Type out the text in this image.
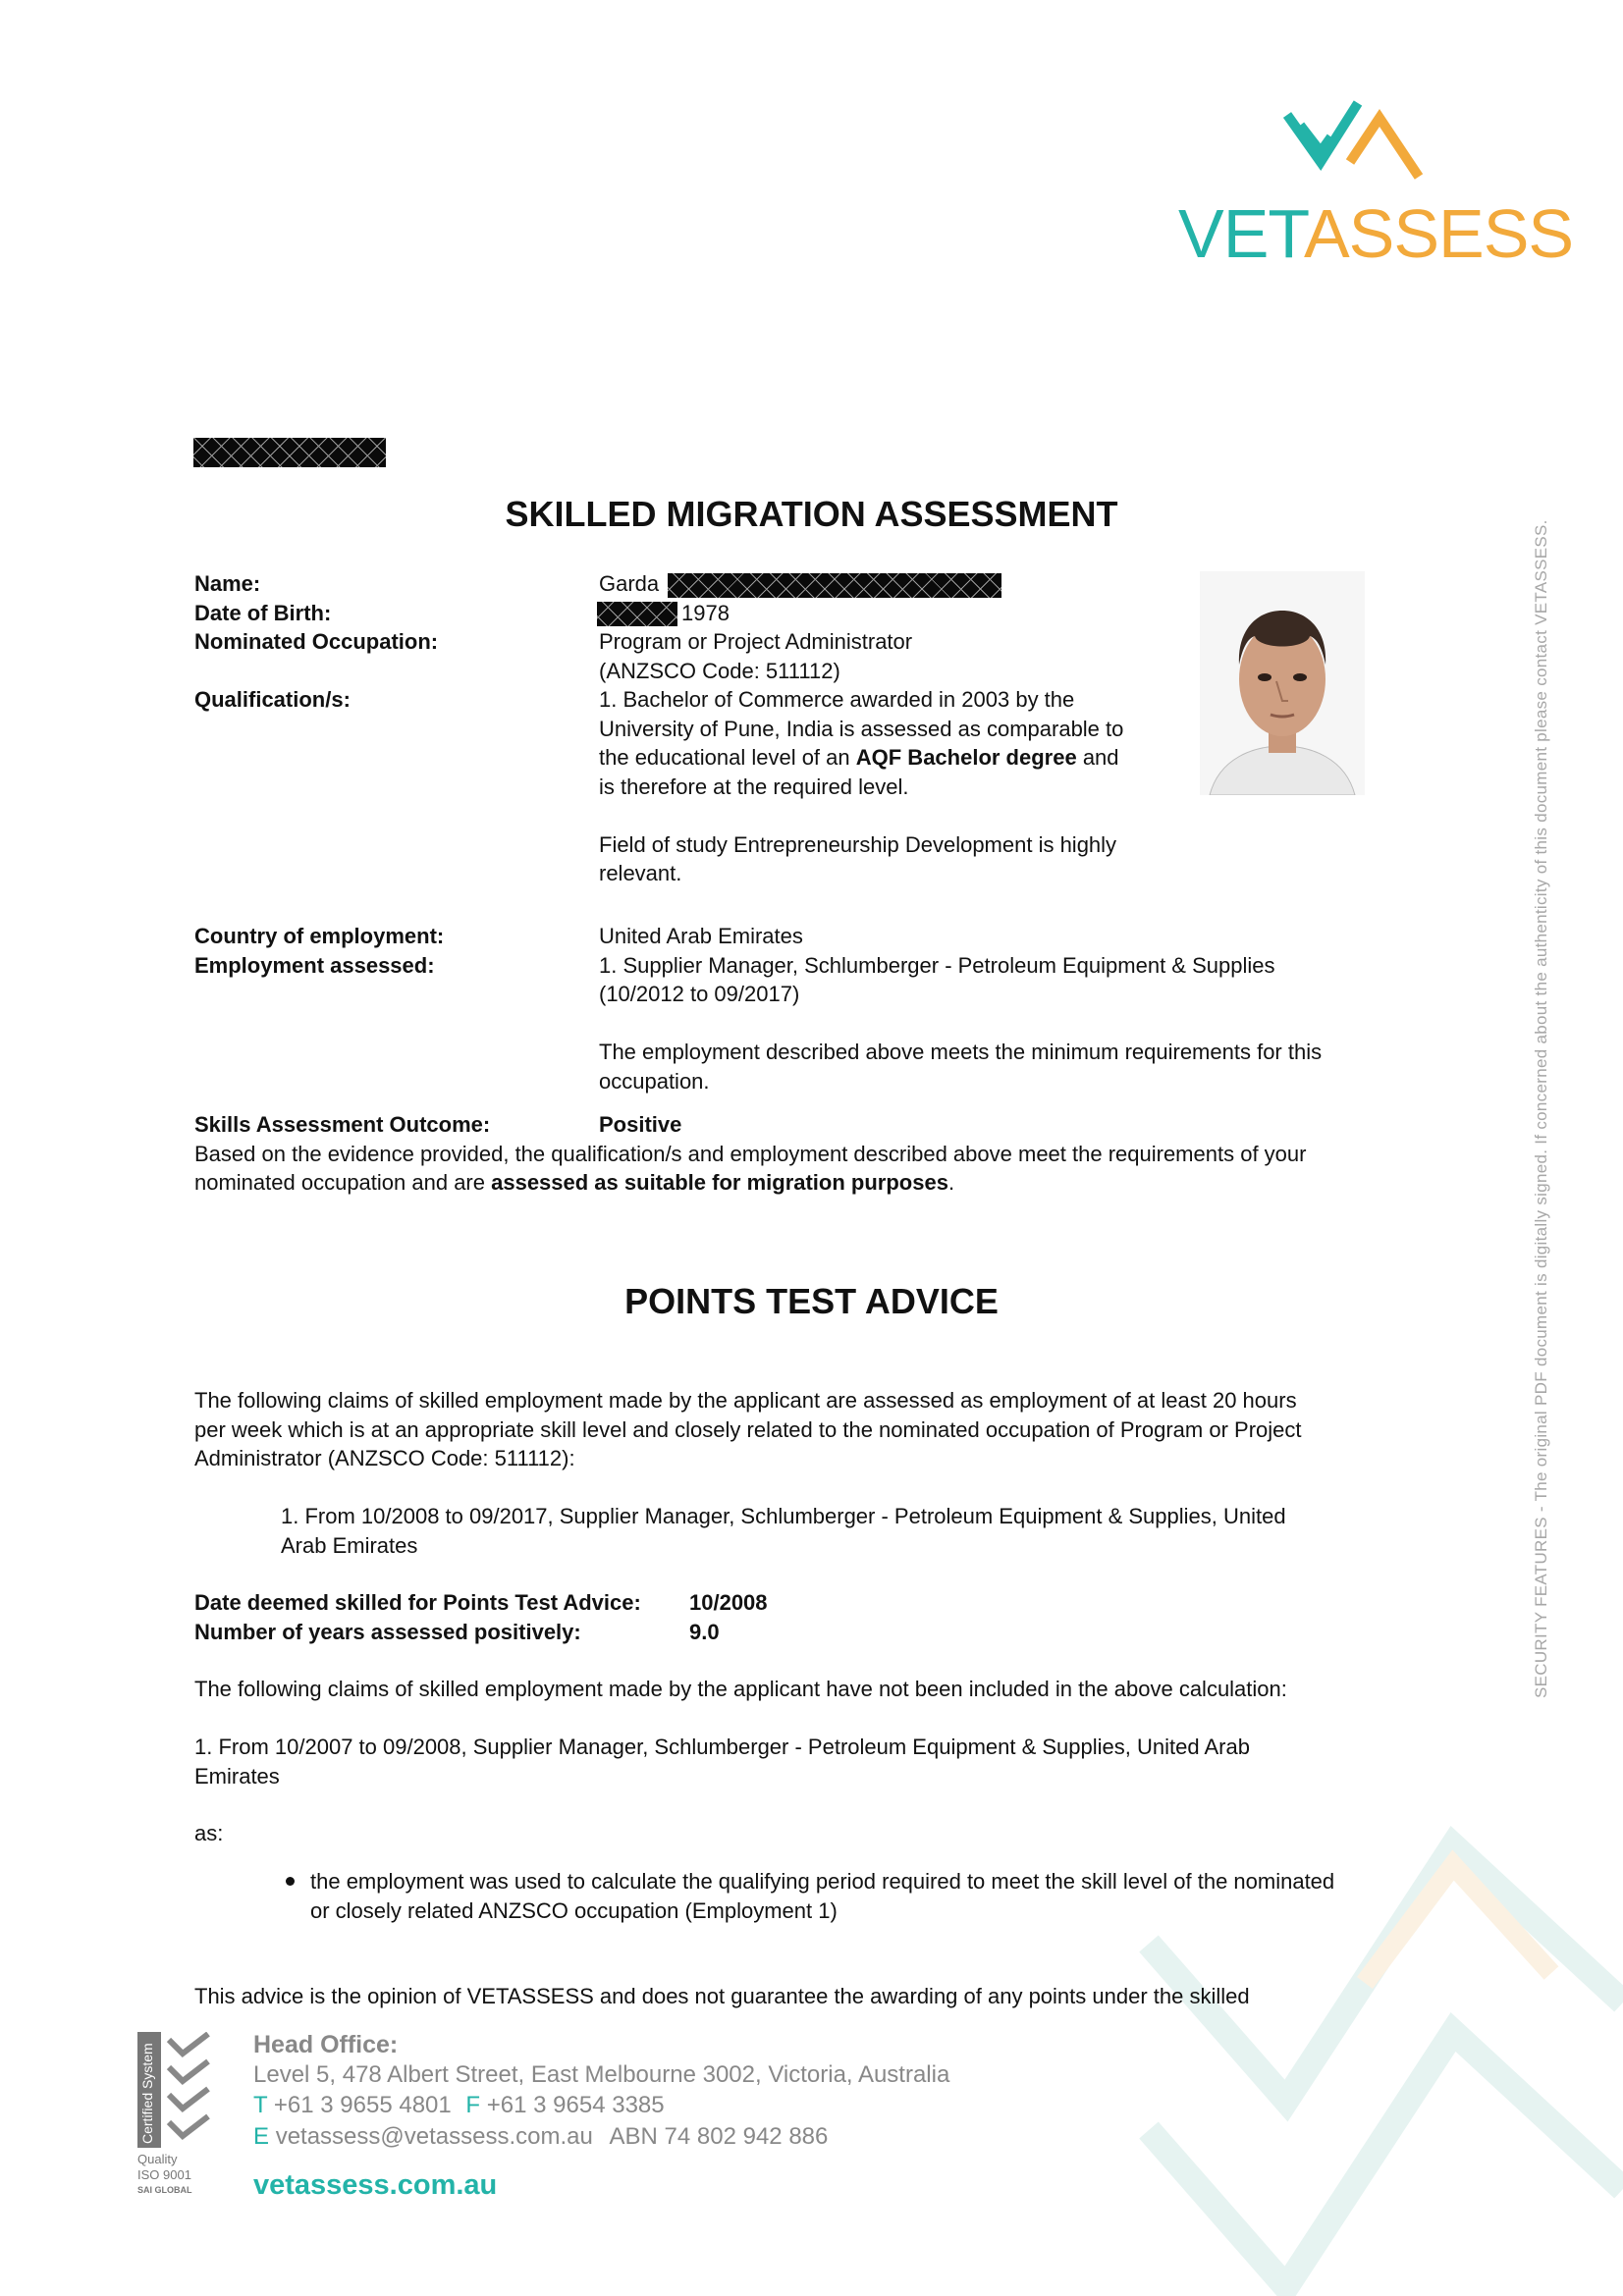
VETASSESS
SECURITY FEATURES - The original PDF document is digitally signed. If concerned about the authenticity of this document please contact VETASSESS.
SKILLED MIGRATION ASSESSMENT
Name:
Date of Birth:
Nominated Occupation:
Qualification/s:
Country of employment:
Employment assessed:
Skills Assessment Outcome:
Garda
1978
Program or Project Administrator
(ANZSCO Code: 511112)
1. Bachelor of Commerce awarded in 2003 by the
University of Pune, India is assessed as comparable to
the educational level of an AQF Bachelor degree and
is therefore at the required level.
Field of study Entrepreneurship Development is highly
relevant.
United Arab Emirates
1. Supplier Manager, Schlumberger - Petroleum Equipment & Supplies
(10/2012 to 09/2017)
The employment described above meets the minimum requirements for this
occupation.
Positive
Based on the evidence provided, the qualification/s and employment described above meet the requirements of your
nominated occupation and are assessed as suitable for migration purposes.
POINTS TEST ADVICE
The following claims of skilled employment made by the applicant are assessed as employment of at least 20 hours
per week which is at an appropriate skill level and closely related to the nominated occupation of Program or Project
Administrator (ANZSCO Code: 511112):
1. From 10/2008 to 09/2017, Supplier Manager, Schlumberger - Petroleum Equipment & Supplies, United
Arab Emirates
Date deemed skilled for Points Test Advice: 10/2008
Number of years assessed positively:	9.0
The following claims of skilled employment made by the applicant have not been included in the above calculation:
1. From 10/2007 to 09/2008, Supplier Manager, Schlumberger - Petroleum Equipment & Supplies, United Arab
Emirates
as:
the employment was used to calculate the qualifying period required to meet the skill level of the nominated
or closely related ANZSCO occupation (Employment 1)
This advice is the opinion of VETASSESS and does not guarantee the awarding of any points under the skilled
Certified System
Quality
ISO 9001
SAI GLOBAL
Head Office:
Level 5, 478 Albert Street, East Melbourne 3002, Victoria, Australia
T +61 3 9655 4801 F +61 3 9654 3385
E vetassess@vetassess.com.au ABN 74 802 942 886
vetassess.com.au
